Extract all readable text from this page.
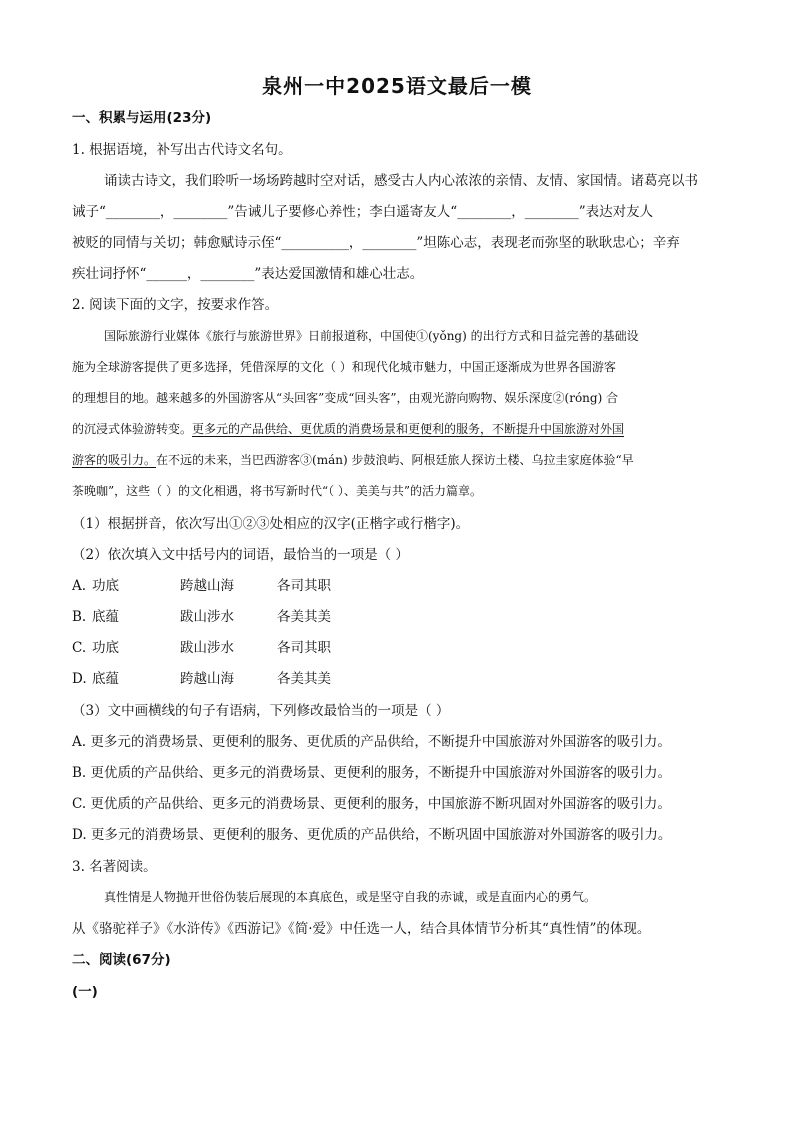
泉州一中2025语文最后一模
一、积累与运用(23分)
1. 根据语境，补写出古代诗文名句。
诵读古诗文，我们聆听一场场跨越时空对话，感受古人内心浓浓的亲情、友情、家国情。诸葛亮以书
诫子“________，________”告诫儿子要修心养性；李白遥寄友人“________，________”表达对友人
被贬的同情与关切；韩愈赋诗示侄“__________，________”坦陈心志，表现老而弥坚的耿耿忠心；辛弃
疾壮词抒怀“______，________”表达爱国激情和雄心壮志。
2. 阅读下面的文字，按要求作答。
国际旅游行业媒体《旅行与旅游世界》日前报道称，中国使①(yǒng) 的出行方式和日益完善的基础设
施为全球游客提供了更多选择，凭借深厚的文化（ ）和现代化城市魅力，中国正逐渐成为世界各国游客
的理想目的地。越来越多的外国游客从“头回客”变成“回头客”，由观光游向购物、娱乐深度②(róng) 合
的沉浸式体验游转变。更多元的产品供给、更优质的消费场景和更便利的服务，不断提升中国旅游对外国
游客的吸引力。在不远的未来，当巴西游客③(mán) 步鼓浪屿、阿根廷旅人探访土楼、乌拉圭家庭体验“早
茶晚咖”，这些（ ）的文化相遇，将书写新时代“（ ）、美美与共”的活力篇章。
（1）根据拼音，依次写出①②③处相应的汉字(正楷字或行楷字)。
（2）依次填入文中括号内的词语，最恰当的一项是（ ）
A. 功底	跨越山海	各司其职
B. 底蕴	跋山涉水	各美其美
C. 功底	跋山涉水	各司其职
D. 底蕴	跨越山海	各美其美
（3）文中画横线的句子有语病，下列修改最恰当的一项是（ ）
A. 更多元的消费场景、更便利的服务、更优质的产品供给，不断提升中国旅游对外国游客的吸引力。
B. 更优质的产品供给、更多元的消费场景、更便利的服务，不断提升中国旅游对外国游客的吸引力。
C. 更优质的产品供给、更多元的消费场景、更便利的服务，中国旅游不断巩固对外国游客的吸引力。
D. 更多元的消费场景、更便利的服务、更优质的产品供给，不断巩固中国旅游对外国游客的吸引力。
3. 名著阅读。
真性情是人物抛开世俗伪装后展现的本真底色，或是坚守自我的赤诚，或是直面内心的勇气。
从《骆驼祥子》《水浒传》《西游记》《简·爱》中任选一人，结合具体情节分析其“真性情”的体现。
二、阅读(67分)
(一)
